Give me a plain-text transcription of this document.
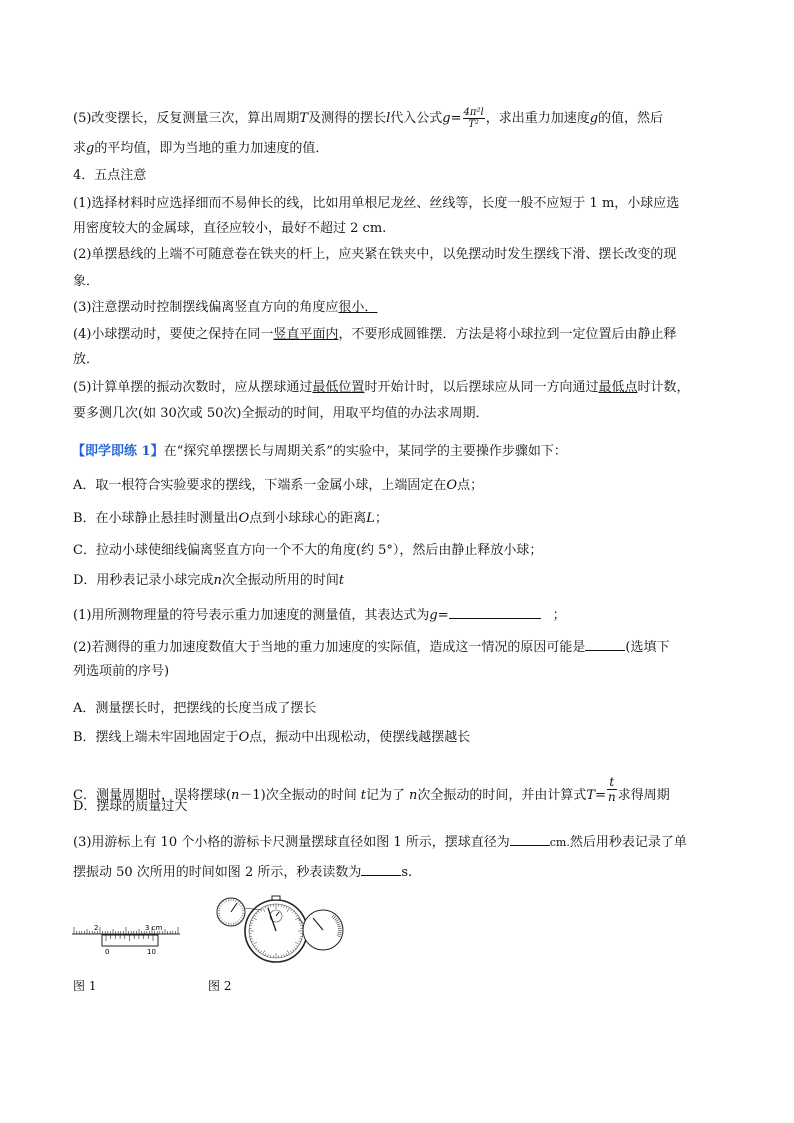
(5)改变摆长，反复测量三次，算出周期T及测得的摆长l代入公式$g= \frac{\text{4π²l}}{\text{T²}}$ ，求出重力加速度g的值，然后
求g的平均值，即为当地的重力加速度的值．
4．五点注意
(1)选择材料时应选择细而不易伸长的线，比如用单根尼龙丝、丝线等，长度一般不应短于 1 m，小球应选
用密度较大的金属球，直径应较小，最好不超过 2 cm.
(2)单摆悬线的上端不可随意卷在铁夹的杆上，应夹紧在铁夹中，以免摆动时发生摆线下滑、摆长改变的现
象．
(3)注意摆动时控制摆线偏离竖直方向的角度应很小．
(4)小球摆动时，要使之保持在同一竖直平面内，不要形成圆锥摆．方法是将小球拉到一定位置后由静止释
放．
(5)计算单摆的振动次数时，应从摆球通过最低位置时开始计时，以后摆球应从同一方向通过最低点时计数，
要多测几次(如 30次或 50次)全振动的时间，用取平均值的办法求周期．
【即学即练 1】在“探究单摆摆长与周期关系”的实验中，某同学的主要操作步骤如下：
A．取一根符合实验要求的摆线，下端系一金属小球，上端固定在O点；
B．在小球静止悬挂时测量出O点到小球球心的距离L；
C．拉动小球使细线偏离竖直方向一个不大的角度(约 5°），然后由静止释放小球；
D．用秒表记录小球完成n次全振动所用的时间t
(1)用所测物理量的符号表示重力加速度的测量值，其表达式为g=	；
(2)若测得的重力加速度数值大于当地的重力加速度的实际值，造成这一情况的原因可能是	(选填下
列选项前的序号)
A．测量摆长时，把摆线的长度当成了摆长
B．摆线上端未牢固地固定于O点，振动中出现松动，使摆线越摆越长
C．测量周期时，误将摆球(n－1)次全振动的时间 t记为了 n次全振动的时间，并由计算式$T= \frac{t}{n}$ 求得周期
D．摆球的质量过大
(3)用游标上有 10 个小格的游标卡尺测量摆球直径如图 1 所示，摆球直径为	cm.然后用秒表记录了单
摆振动 50 次所用的时间如图 2 所示，秒表读数为	s.
2	3 cm
0	10
图 1	图 2
